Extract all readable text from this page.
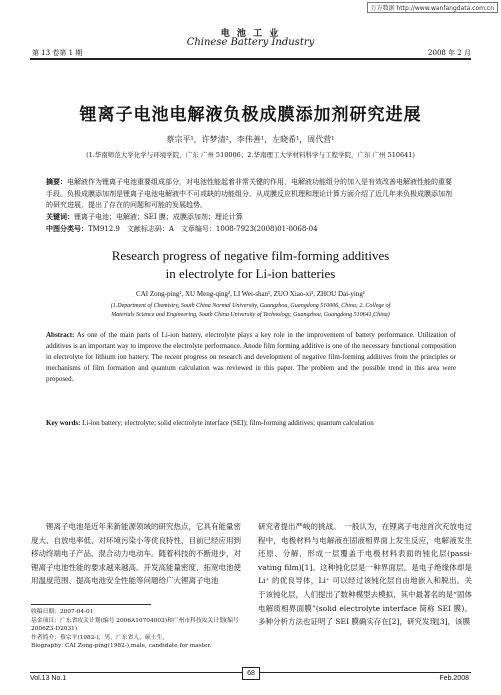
万方数据 http://www.wanfangdata.com.cn
电 池 工 业
Chinese Battery Industry
第 13 卷第 1 期	2008 年 2 月
锂离子电池电解液负极成膜添加剂研究进展
蔡宗平¹，许梦清²，李伟善¹，左晓希¹，周代营¹
(1.华南师范大学化学与环境学院，广东 广州 510006；2.华南理工大学材料科学与工程学院，广东 广州 510641)
摘要：电解液作为锂离子电池重要组成部分，对电池性能起着非常关键的作用，电解液功能组分的加入是有效改善电解液性能的重要手段。负极成膜添加剂是锂离子电池电解液中不可或缺的功能组分。从成膜反应机理和理论计算方面介绍了近几年来负极成膜添加剂的研究进展，提出了存在的问题和可能的发展趋势。
关键词：锂离子电池；电解液；SEI 膜；成膜添加剂；理论计算
中图分类号：TM912.9　文献标志码：A　文章编号：1008-7923(2008)01-0068-04
Research progress of negative film-forming additives
in electrolyte for Li-ion batteries
CAI Zong-ping¹, XU Meng-qing², LI Wei-shan¹, ZUO Xiao-xi¹, ZHOU Dai-ying¹
(1.Department of Chemistry, South China Normal University, Guangzhou, Guangdong 510006, China; 2. College of
Materials Science and Engineering, South China University of Technology, Guangzhou, Guangdong 510641,China)
Abstract: As one of the main parts of Li-ion battery, electrolyte plays a key role in the improvement of battery performance. Utilization of additives is an important way to improve the electrolyte performance. Anode film forming additive is one of the necessary functional composition in electrolyte for lithium ion battery. The recent progress on research and development of negative film-forming additives from the principles or mechanisms of film formation and quantum calculation was reviewed in this paper. The problem and the possible trend in this area were proposed.
Key words: Li-ion battery; electrolyte; solid electrolyte interface (SEI); film-forming additives; quantum calculation
锂离子电池是近年来新能源领域的研究热点，它具有能量密度大、自放电率低、对环境污染小等优良特性，目前已经应用到移动终端电子产品、混合动力电动车。随着科技的不断进步，对锂离子电池性能的要求越来越高。开发高能量密度、拓宽电池使用温度范围、提高电池安全性能等问题给广大锂离子电池
研究者提出严峻的挑战。　一般认为，在锂离子电池首次充放电过程中，电极材料与电解液在固液相界面上发生反应，电解液发生还原、分解，形成一层覆盖于电极材料表面的钝化层(passi-vating film)[1]。这种钝化层是一种界面层，是电子绝缘体却是 Li⁺ 的优良导体，Li⁺ 可以经过该钝化层自由地嵌入和脱出。关于该钝化层，人们提出了数种模型去模拟，其中最著名的是“固体电解质相界面膜”(solid electrolyte interface 简称 SEI 膜)。多种分析方法也证明了 SEI 膜确实存在[2]，研究发现[3]，该膜
收稿日期：2007-04-01
基金项目：广东省攻关计划(编号 2006A10704003)和广州市科技攻关计划(编号 2006Z3-D2031)
作者简介：蔡宗平(1982-)，男，广东省人，硕士生。
Biography: CAI Zong-ping(1982-),male, candidate for master.
Vol.13 No.1
68
Feb.2008
